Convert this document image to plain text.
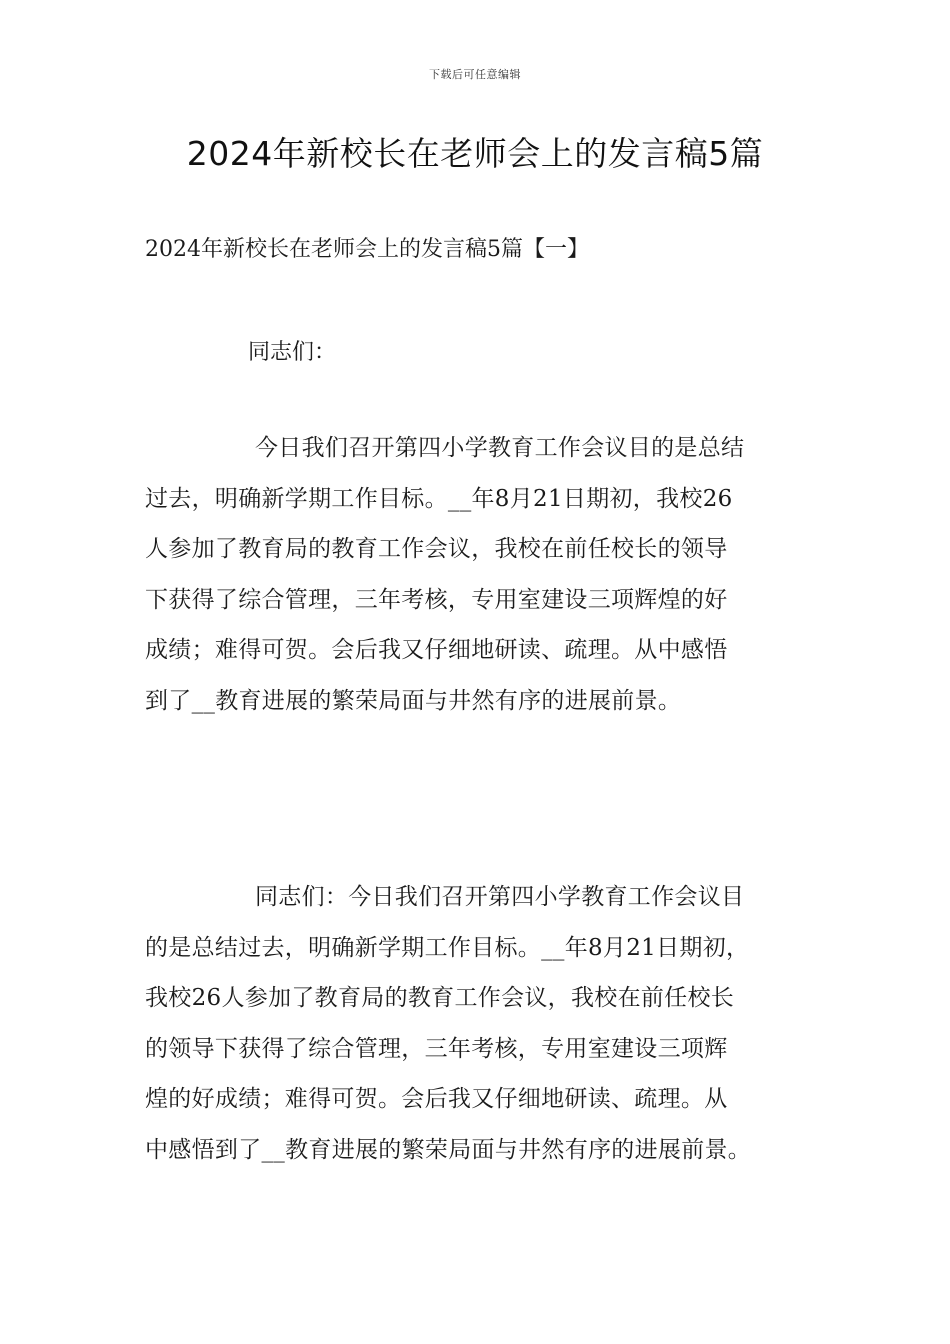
下载后可任意编辑
2024年新校长在老师会上的发言稿5篇
2024年新校长在老师会上的发言稿5篇【一】
同志们：
今日我们召开第四小学教育工作会议目的是总结
过去，明确新学期工作目标。__年8月21日期初，我校26
人参加了教育局的教育工作会议，我校在前任校长的领导
下获得了综合管理，三年考核，专用室建设三项辉煌的好
成绩；难得可贺。会后我又仔细地研读、疏理。从中感悟
到了__教育进展的繁荣局面与井然有序的进展前景。
同志们：今日我们召开第四小学教育工作会议目
的是总结过去，明确新学期工作目标。__年8月21日期初，
我校26人参加了教育局的教育工作会议，我校在前任校长
的领导下获得了综合管理，三年考核，专用室建设三项辉
煌的好成绩；难得可贺。会后我又仔细地研读、疏理。从
中感悟到了__教育进展的繁荣局面与井然有序的进展前景。
